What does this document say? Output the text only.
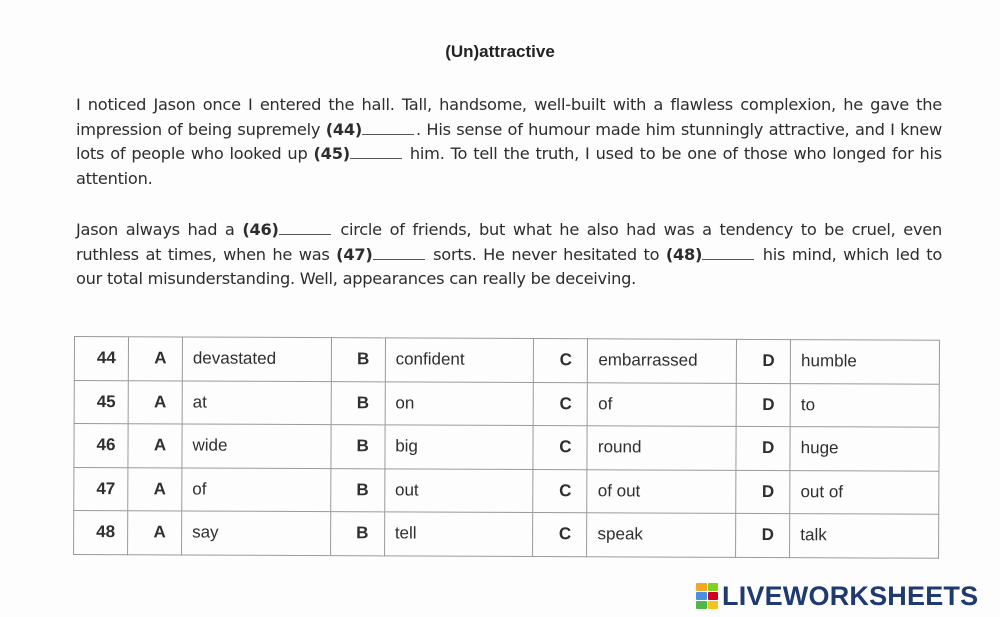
(Un)attractive

I noticed Jason once I entered the hall. Tall, handsome, well-built with a flawless complexion, he gave the impression of being supremely (44)	. His sense of humour made him stunningly attractive, and I knew lots of people who looked up (45)	him. To tell the truth, I used to be one of those who longed for his attention.

Jason always had a (46)	circle of friends, but what he also had was a tendency to be cruel, even ruthless at times, when he was (47)	sorts. He never hesitated to (48)	his mind, which led to our total misunderstanding. Well, appearances can really be deceiving.

44	A	devastated	B	confident	C	embarrassed	D	humble
45	A	at	B	on	C	of	D	to
46	A	wide	B	big	C	round	D	huge
47	A	of	B	out	C	of out	D	out of
48	A	say	B	tell	C	speak	D	talk
LIVEWORKSHEETS
